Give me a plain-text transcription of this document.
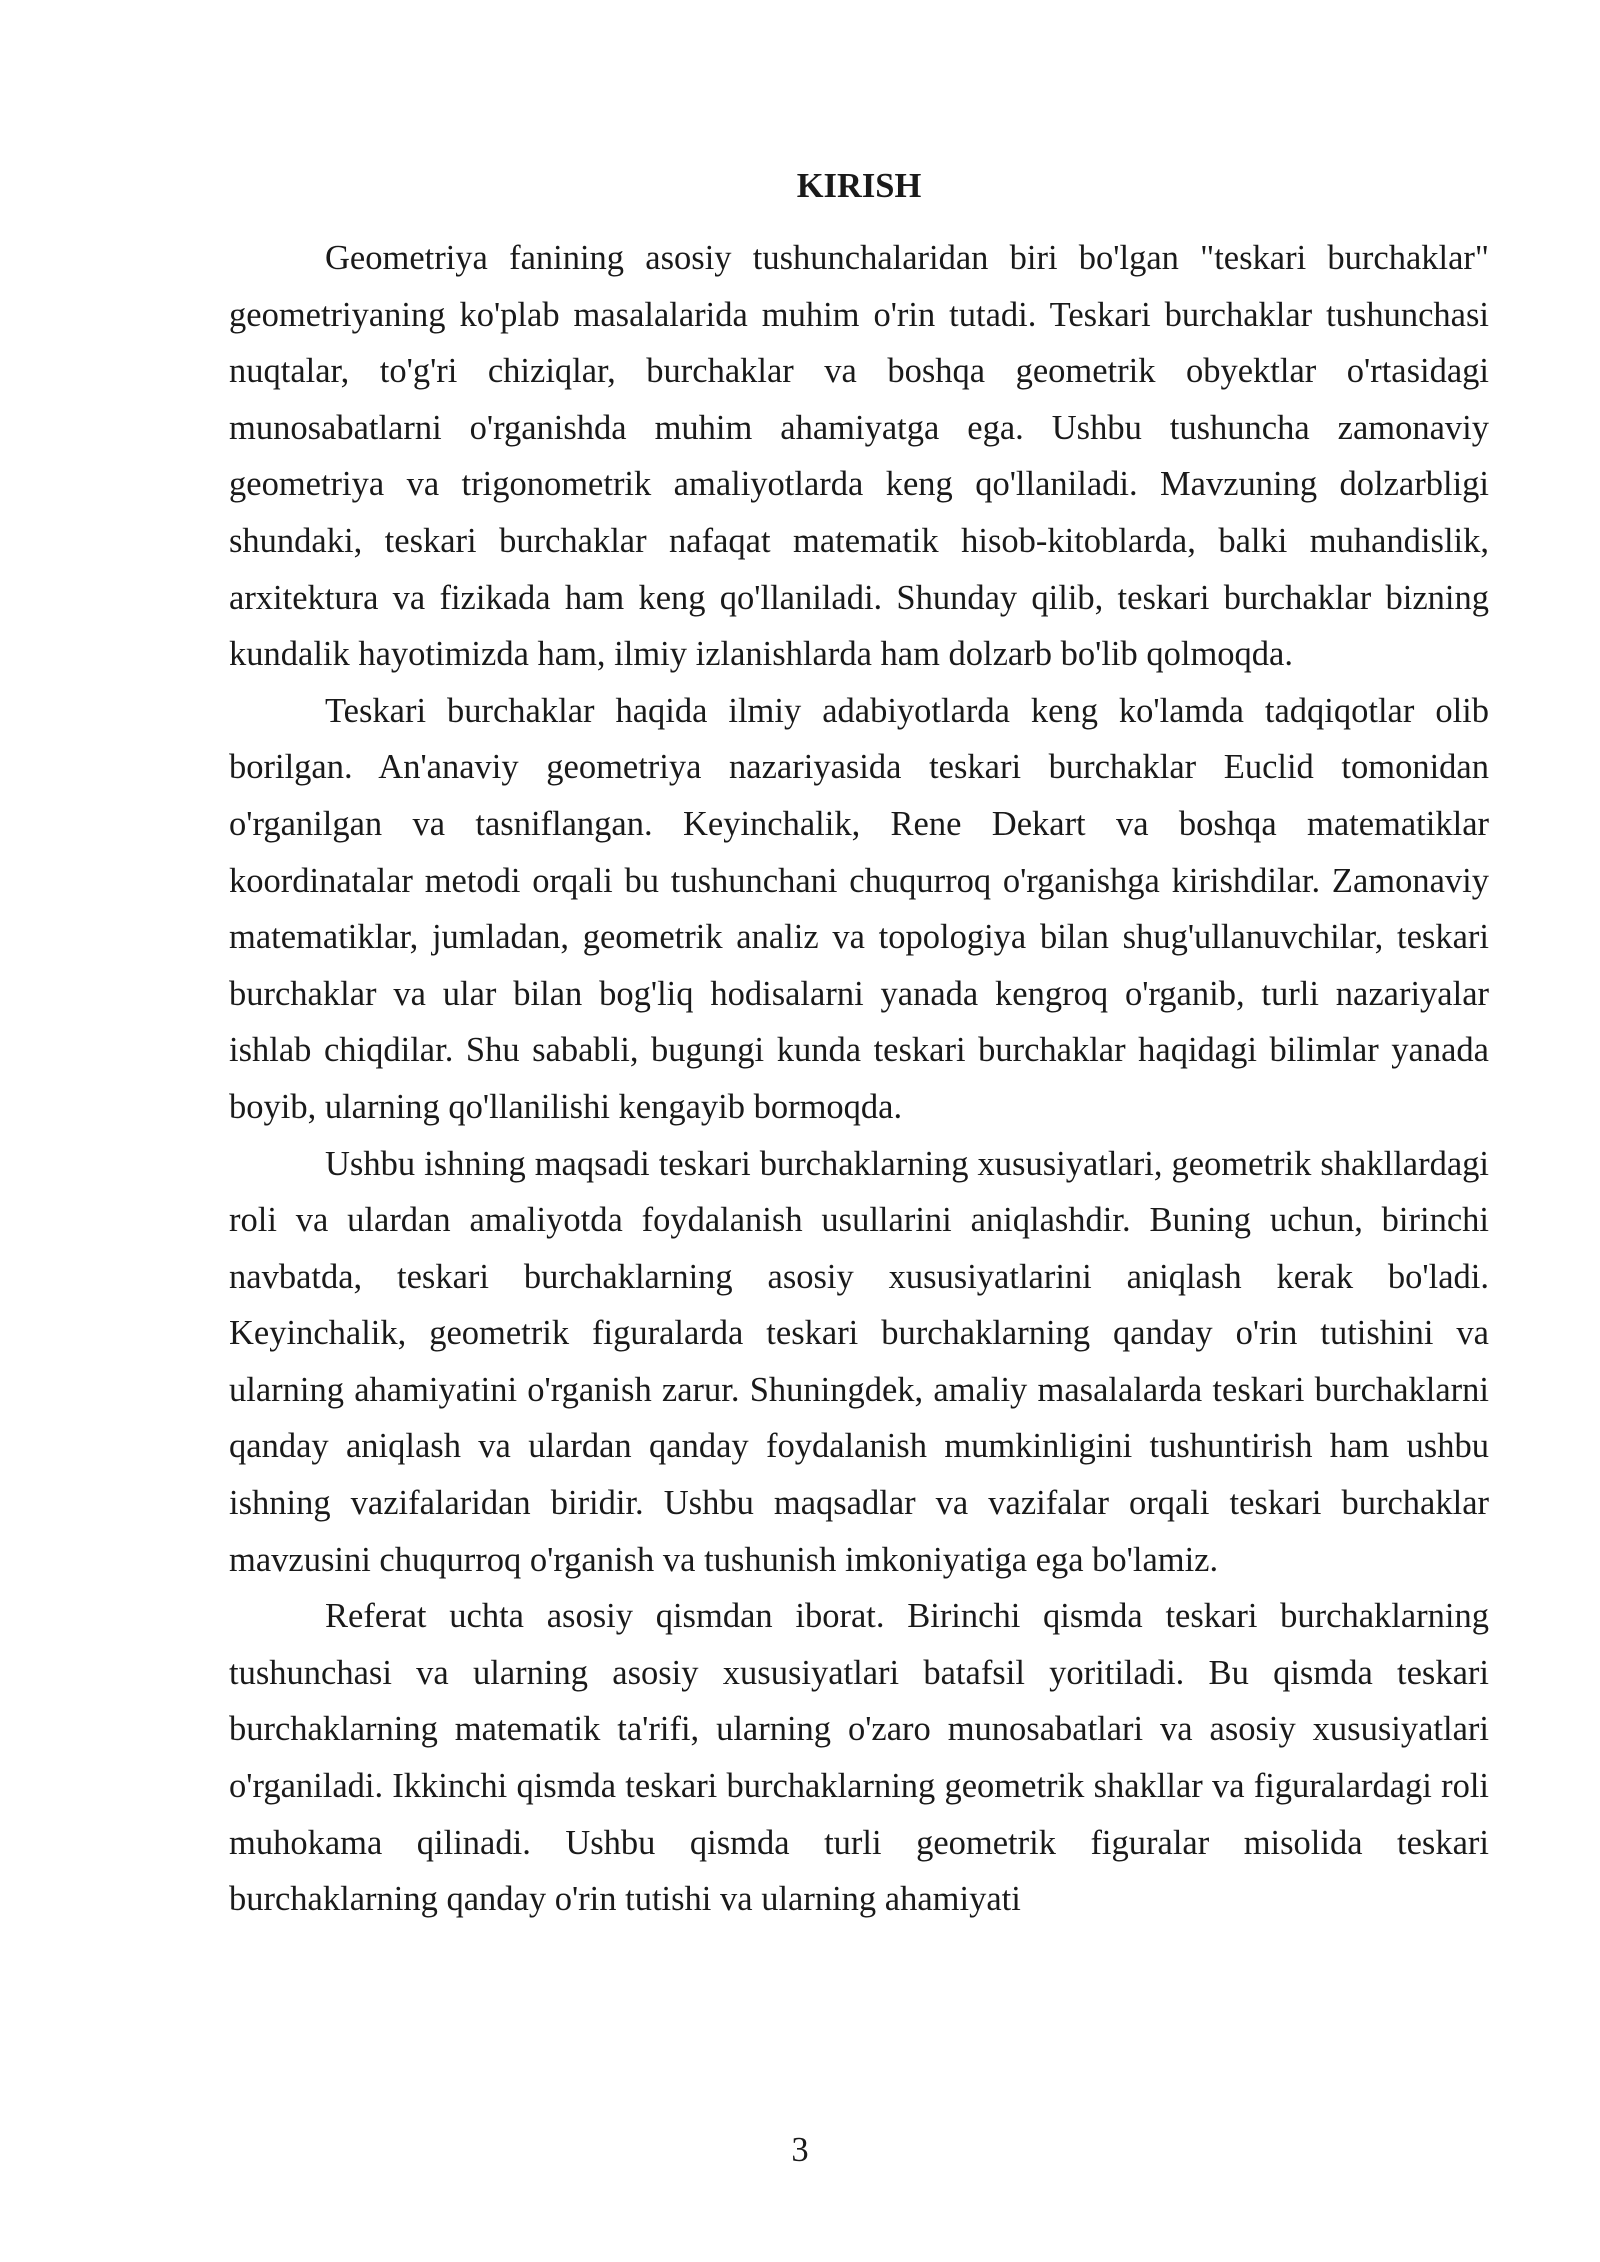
KIRISH

Geometriya fanining asosiy tushunchalaridan biri bo'lgan "teskari burchaklar" geometriyaning ko'plab masalalarida muhim o'rin tutadi. Teskari burchaklar tushunchasi nuqtalar, to'g'ri chiziqlar, burchaklar va boshqa geometrik obyektlar o'rtasidagi munosabatlarni o'rganishda muhim ahamiyatga ega. Ushbu tushuncha zamonaviy geometriya va trigonometrik amaliyotlarda keng qo'llaniladi. Mavzuning dolzarbligi shundaki, teskari burchaklar nafaqat matematik hisob-kitoblarda, balki muhandislik, arxitektura va fizikada ham keng qo'llaniladi. Shunday qilib, teskari burchaklar bizning kundalik hayotimizda ham, ilmiy izlanishlarda ham dolzarb bo'lib qolmoqda.

Teskari burchaklar haqida ilmiy adabiyotlarda keng ko'lamda tadqiqotlar olib borilgan. An'anaviy geometriya nazariyasida teskari burchaklar Euclid tomonidan o'rganilgan va tasniflangan. Keyinchalik, Rene Dekart va boshqa matematiklar koordinatalar metodi orqali bu tushunchani chuqurroq o'rganishga kirishdilar. Zamonaviy matematiklar, jumladan, geometrik analiz va topologiya bilan shug'ullanuvchilar, teskari burchaklar va ular bilan bog'liq hodisalarni yanada kengroq o'rganib, turli nazariyalar ishlab chiqdilar. Shu sababli, bugungi kunda teskari burchaklar haqidagi bilimlar yanada boyib, ularning qo'llanilishi kengayib bormoqda.

Ushbu ishning maqsadi teskari burchaklarning xususiyatlari, geometrik shakllardagi roli va ulardan amaliyotda foydalanish usullarini aniqlashdir. Buning uchun, birinchi navbatda, teskari burchaklarning asosiy xususiyatlarini aniqlash kerak bo'ladi. Keyinchalik, geometrik figuralarda teskari burchaklarning qanday o'rin tutishini va ularning ahamiyatini o'rganish zarur. Shuningdek, amaliy masalalarda teskari burchaklarni qanday aniqlash va ulardan qanday foydalanish mumkinligini tushuntirish ham ushbu ishning vazifalaridan biridir. Ushbu maqsadlar va vazifalar orqali teskari burchaklar mavzusini chuqurroq o'rganish va tushunish imkoniyatiga ega bo'lamiz.

Referat uchta asosiy qismdan iborat. Birinchi qismda teskari burchaklarning tushunchasi va ularning asosiy xususiyatlari batafsil yoritiladi. Bu qismda teskari burchaklarning matematik ta'rifi, ularning o'zaro munosabatlari va asosiy xususiyatlari o'rganiladi. Ikkinchi qismda teskari burchaklarning geometrik shakllar va figuralardagi roli muhokama qilinadi. Ushbu qismda turli geometrik figuralar misolida teskari burchaklarning qanday o'rin tutishi va ularning ahamiyati

3
